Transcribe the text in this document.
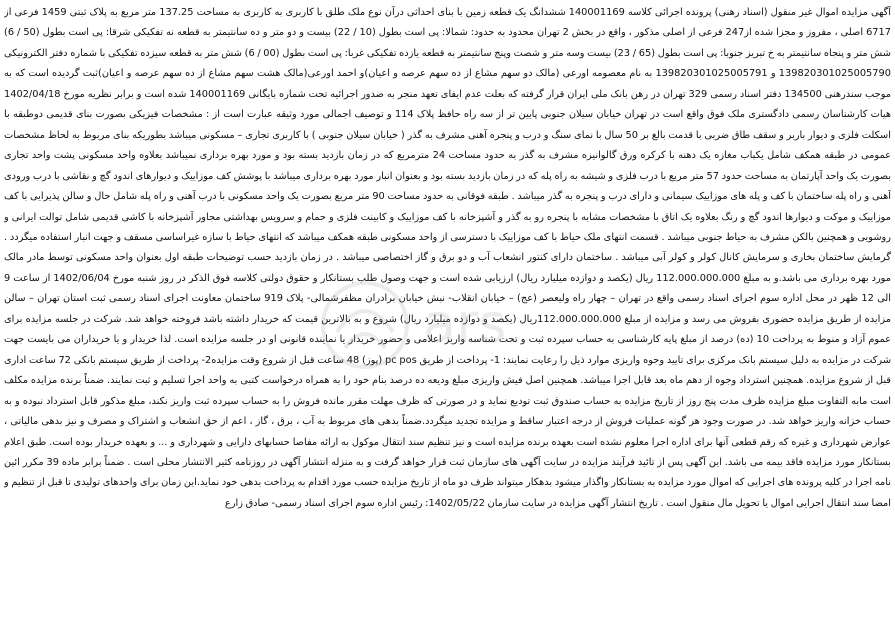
آگهی مزایده اموال غیر منقول (اسناد رهنی) پرونده اجرائی کلاسه 140001169 ششدانگ یک قطعه زمین با بنای احداثی درآن نوع ملک طلق با کاربری به کاربری به مساحت 137.25 متر مربع به پلاک ثبتی 1459 فرعی از 6717 اصلی ، مفروز و مجزا شده از247 فرعی از اصلی مذکور ، واقع در بخش 2 تهران محدود به حدود: شمالا: پی است بطول (10 / 22) بیست و دو متر و ده سانتیمتر به قطعه نه تفکیکی شرقا: پی است بطول (50 / 6) شش متر و پنجاه سانتیمتر به خ تبریز جنوبا: پی است بطول (65 / 23) بیست وسه متر و شصت وپنج سانتیمتر به قطعه یازده تفکیکی غربا: پی است بطول (00 / 6) شش متر به قطعه سیزده تفکیکی با شماره دفتر الکترونیکی 139820301025005790 و 139820301025005791 به نام معصومه اورعی (مالک دو سهم مشاع از ده سهم عرصه و اعیان)و احمد اورعی(مالک هشت سهم مشاع از ده سهم عرصه و اعیان)ثبت گردیده است که به موجب سندرهنی 134500 دفتر اسناد رسمی 329 تهران در رهن بانک ملی ایران قرار گرفته که بعلت عدم ایفای تعهد منجر به صدور اجرائیه تحت شماره بایگانی 140001169 شده است و برابر نظریه مورخ 1402/04/18 هیات کارشناسان رسمی دادگستری ملک فوق واقع است در تهران خیابان سیلان جنوبی پایین تر از سه راه حافظ پلاک 114 و توصیف اجمالی مورد وثیقه عبارت است از : مشخصات فیزیکی بصورت بنای قدیمی دوطبقه با اسکلت فلزی و دیوار باربر و سقف طاق ضربی با قدمت بالغ بر 50 سال با نمای سنگ و درب و پنجره آهنی مشرف به گذر ( خیابان سیلان جنوبی ) با کاربری تجاری – مسکونی میباشد بطوریکه بنای مربوط به لحاظ مشخصات عمومی در طبقه همکف شامل یکباب مغازه یک دهنه با کرکره ورق گالوانیزه مشرف به گذر به حدود مساحت 24 مترمربع که در زمان بازدید بسته بود و مورد بهره برداری نمیباشد بعلاوه واحد مسکونی پشت واحد تجاری بصورت یک واحد آپارتمان به مساحت حدود 57 متر مربع با درب فلزی و شیشه به راه پله که در زمان بازدید بسته بود و بعنوان انبار مورد بهره برداری میباشد با پوشش کف موزاییک و دیوارهای اندود گچ و نقاشی با درب ورودی آهنی و راه پله ساختمان با کف و پله های موزاییک سیمانی و دارای درب و پنجره به گذر میباشد . طبقه فوقانی به حدود مساحت 90 متر مربع بصورت یک واحد مسکونی با درب آهنی و راه پله شامل حال و سالن پذیرایی با کف موزاییک و موکت و دیوارها اندود گچ و رنگ بعلاوه یک اتاق با مشخصات مشابه با پنجره رو به گذر و آشپزخانه با کف موزاییک و کابینت فلزی و حمام و سرویس بهداشتی مجاور آشپزخانه با کاشی قدیمی شامل توالت ایرانی و روشویی و همچنین بالکن مشرف به حیاط جنوبی میباشد . قسمت انتهای ملک حیاط با کف موزاییک با دسترسی از واحد مسکونی طبقه همکف میباشد که انتهای حیاط با سازه غیراساسی مسقف و جهت انبار استفاده میگردد . گرمایش ساختمان بخاری و سرمایش کانال کولر و کولر آبی میباشد . ساختمان دارای کنتور انشعاب آب و دو برق و گاز اختصاصی میباشد . در زمان بازدید حسب توضیحات طبقه اول بعنوان واحد مسکونی توسط مادر مالک مورد بهره برداری می باشد.و به مبلغ 112.000.000.000 ریال (یکصد و دوازده میلیارد ریال) ارزیابی شده است و جهت وصول طلب بستانکار و حقوق دولتی کلاسه فوق الذکر در روز شنبه مورخ 1402/06/04 از ساعت 9 الی 12 ظهر در محل اداره سوم اجرای اسناد رسمی واقع در تهران – چهار راه ولیعصر (عج) – خیابان انقلاب- نبش خیابان برادران مظفرشمالی- پلاک 919 ساختمان معاونت اجرای اسناد رسمی ثبت استان تهران – سالن مزایده از طریق مزایده حضوری بفروش می رسد و مزایده از مبلغ 112.000.000.000ریال (یکصد و دوازده میلیارد ریال) شروع و به بالاترین قیمت که خریدار داشته باشد فروخته خواهد شد. شرکت در جلسه مزایده برای عموم آزاد و منوط به پرداخت 10 (ده) درصد از مبلغ پایه کارشناسی به حساب سپرده ثبت و تحت شناسه واریز اعلامی و حضور خریدار یا نماینده قانونی او در جلسه مزایده است. لذا خریدار و یا خریداران می بایست جهت شرکت در مزایده به دلیل سیستم بانک مرکزی برای تایید وجوه واریزی موارد ذیل را رعایت نمایند: 1- پرداخت از طریق pc pos (پوز) 48 ساعت قبل از شروع وقت مزایده2- پرداخت از طریق سیستم بانکی 72 ساعت اداری قبل از شروع مزایده. همچنین استرداد وجوه از دهم ماه بعد قابل اجرا میباشد. همچنین اصل فیش واریزی مبلغ ودیعه ده درصد بنام خود را به همراه درخواست کتبی به واحد اجرا تسلیم و ثبت نمایند. ضمناً برنده مزایده مکلف است مابه التفاوت مبلغ مزایده ظرف مدت پنج روز از تاریخ مزایده به حساب صندوق ثبت تودیع نماید و در صورتی که ظرف مهلت مقرر مانده فروش را به حساب سپرده ثبت واریز نکند، مبلغ مذکور قابل استرداد نبوده و به حساب خزانه واریز خواهد شد. در صورت وجود هر گونه عملیات فروش از درجه اعتبار ساقط و مزایده تجدید میگردد.ضمناً بدهی های مربوط به آب ، برق ، گاز ، اعم از حق انشعاب و اشتراک و مصرف و نیز بدهی مالیاتی ، عوارض شهرداری و غیره که رقم قطعی آنها برای اداره اجرا معلوم نشده است بعهده برنده مزایده است و نیز تنظیم سند انتقال موکول به ارائه مفاصا حسابهای دارایی و شهرداری و ... و بعهده خریدار بوده است. طبق اعلام بستانکار مورد مزایده فاقد بیمه می باشد. این آگهی پس از تائید فرآیند مزایده در سایت آگهی های سازمان ثبت قرار خواهد گرفت و به منزله انتشار آگهی در روزنامه کثیر الانتشار محلی است . ضمناً برابر ماده 39 مکرر ائین نامه اجرا در کلیه پرونده های اجرایی که اموال مورد مزایده به بستانکار واگذار میشود بدهکار میتواند ظرف دو ماه از تاریخ مزایده حسب مورد اقدام به پرداخت بدهی خود نماید.این زمان برای واحدهای تولیدی تا قبل از تنظیم و امضا سند انتقال اجرایی اموال یا تحویل مال منقول است . تاریخ انتشار آگهی مزایده در سایت سازمان 1402/05/22: رئیس اداره سوم اجرای اسناد رسمی- صادق زارع

ars
